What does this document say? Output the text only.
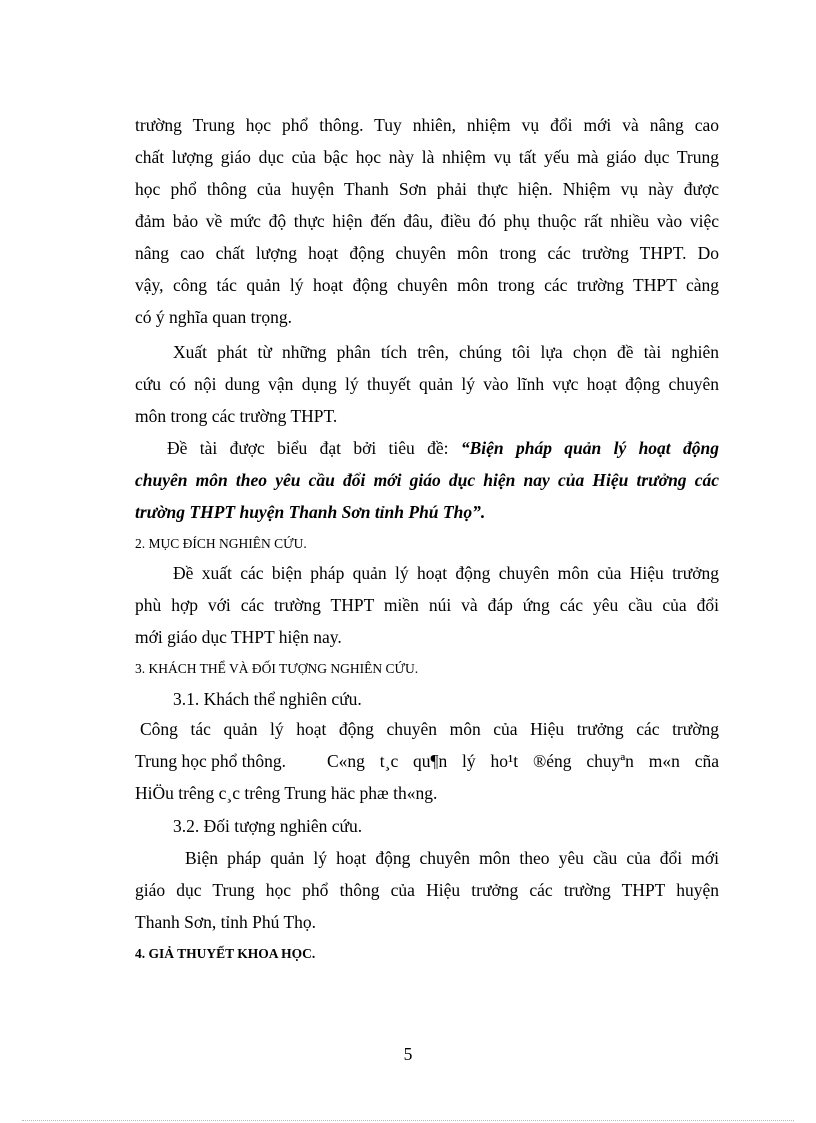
trường Trung học phổ thông. Tuy nhiên, nhiệm vụ đổi mới và nâng cao
chất lượng giáo dục của bậc học này là nhiệm vụ tất yếu mà giáo dục Trung
học phổ thông của huyện Thanh Sơn phải thực hiện. Nhiệm vụ này được
đảm bảo về mức độ thực hiện đến đâu, điều đó phụ thuộc rất nhiều vào việc
nâng cao chất lượng hoạt động chuyên môn trong các trường THPT. Do
vậy, công tác quản lý hoạt động chuyên môn trong các trường THPT càng
có ý nghĩa quan trọng.
Xuất phát từ những phân tích trên, chúng tôi lựa chọn đề tài nghiên
cứu có nội dung vận dụng lý thuyết quản lý vào lĩnh vực hoạt động chuyên
môn trong các trường THPT.
Đề tài được biểu đạt bởi tiêu đề: “Biện pháp quản lý hoạt động
chuyên môn theo yêu cầu đổi mới giáo dục hiện nay của Hiệu trưởng các
trường THPT huyện Thanh Sơn tỉnh Phú Thọ”.
2. MỤC ĐÍCH NGHIÊN CỨU.
Đề xuất các biện pháp quản lý hoạt động chuyên môn của Hiệu trưởng
phù hợp với các trường THPT miền núi và đáp ứng các yêu cầu của đổi
mới giáo dục THPT hiện nay.
3. KHÁCH THỂ VÀ ĐỐI TƯỢNG NGHIÊN CỨU.
3.1. Khách thể nghiên cứu.
Công tác quản lý hoạt động chuyên môn của Hiệu trưởng các trường
Trung học phổ thông. C«ng t¸c qu¶n lý ho¹t ®éng chuyªn m«n cña
HiÖu trêng c¸c trêng Trung häc phæ th«ng.
3.2. Đối tượng nghiên cứu.
Biện pháp quản lý hoạt động chuyên môn theo yêu cầu của đổi mới
giáo dục Trung học phổ thông của Hiệu trưởng các trường THPT huyện
Thanh Sơn, tỉnh Phú Thọ.
4. GIẢ THUYẾT KHOA HỌC.
5
